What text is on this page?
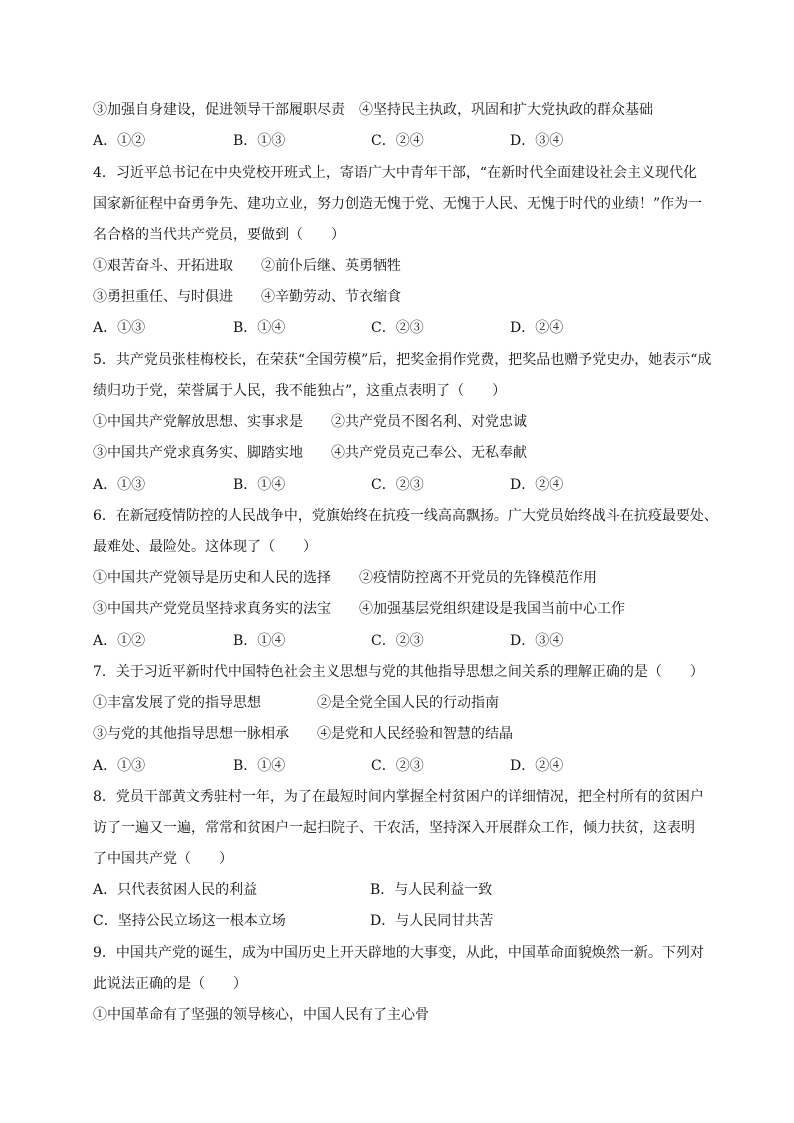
③加强自身建设，促进领导干部履职尽责　④坚持民主执政，巩固和扩大党执政的群众基础
A．①②	B．①③	C．②④	D．③④
4．习近平总书记在中央党校开班式上，寄语广大中青年干部，“在新时代全面建设社会主义现代化
国家新征程中奋勇争先、建功立业，努力创造无愧于党、无愧于人民、无愧于时代的业绩！”作为一
名合格的当代共产党员，要做到（　　）
①艰苦奋斗、开拓进取　　②前仆后继、英勇牺牲
③勇担重任、与时俱进　　④辛勤劳动、节衣缩食
A．①③	B．①④	C．②③	D．②④
5．共产党员张桂梅校长，在荣获“全国劳模”后，把奖金捐作党费，把奖品也赠予党史办，她表示“成
绩归功于党，荣誉属于人民，我不能独占”，这重点表明了（　　）
①中国共产党解放思想、实事求是　　②共产党员不图名利、对党忠诚
③中国共产党求真务实、脚踏实地　　④共产党员克己奉公、无私奉献
A．①③	B．①④	C．②③	D．②④
6．在新冠疫情防控的人民战争中，党旗始终在抗疫一线高高飘扬。广大党员始终战斗在抗疫最要处、
最难处、最险处。这体现了（　　）
①中国共产党领导是历史和人民的选择　　②疫情防控离不开党员的先锋模范作用
③中国共产党党员坚持求真务实的法宝　　④加强基层党组织建设是我国当前中心工作
A．①②	B．①④	C．②③	D．③④
7．关于习近平新时代中国特色社会主义思想与党的其他指导思想之间关系的理解正确的是（　　）
①丰富发展了党的指导思想　　　　②是全党全国人民的行动指南
③与党的其他指导思想一脉相承　　④是党和人民经验和智慧的结晶
A．①③	B．①④	C．②③	D．②④
8．党员干部黄文秀驻村一年，为了在最短时间内掌握全村贫困户的详细情况，把全村所有的贫困户
访了一遍又一遍，常常和贫困户一起扫院子、干农活，坚持深入开展群众工作，倾力扶贫，这表明
了中国共产党（　　）
A．只代表贫困人民的利益	B．与人民利益一致
C．坚持公民立场这一根本立场	D．与人民同甘共苦
9．中国共产党的诞生，成为中国历史上开天辟地的大事变，从此，中国革命面貌焕然一新。下列对
此说法正确的是（　　）
①中国革命有了坚强的领导核心，中国人民有了主心骨
